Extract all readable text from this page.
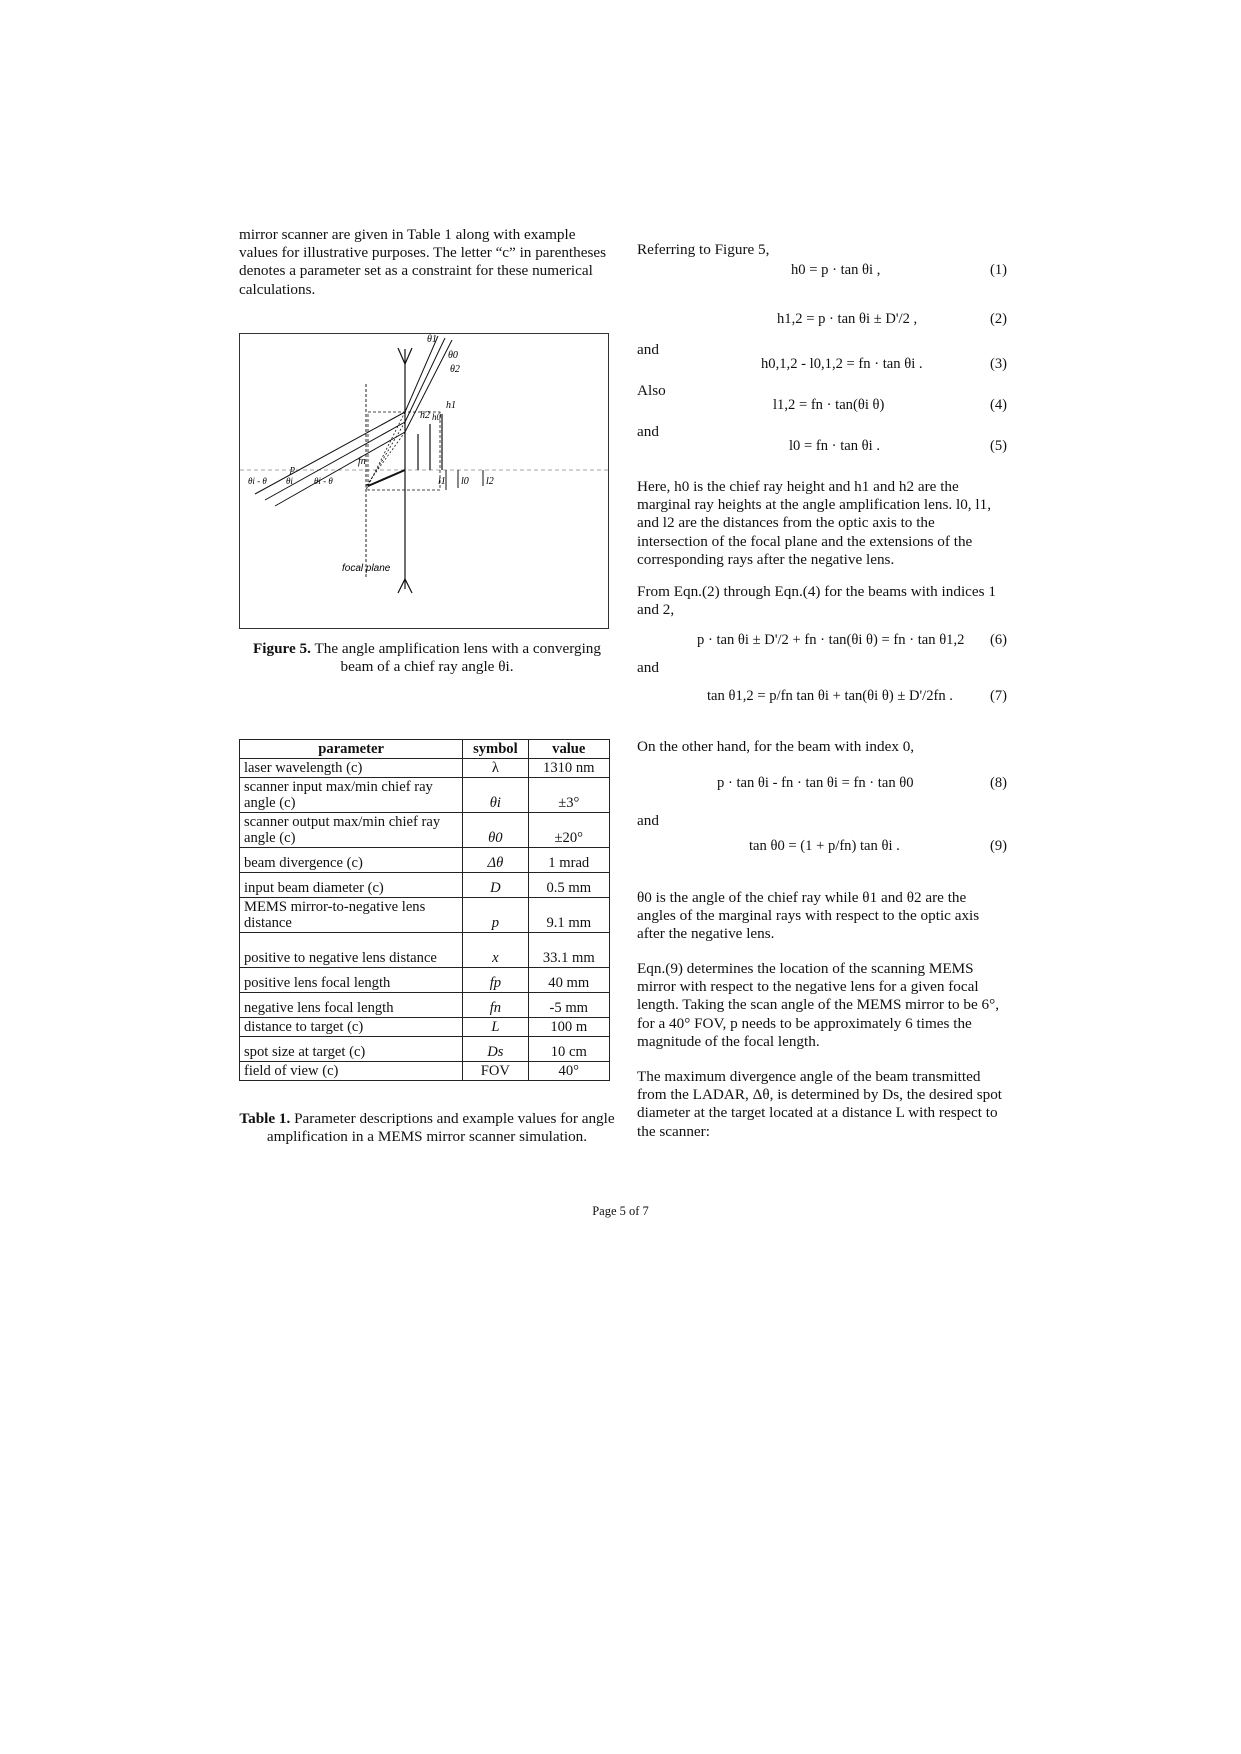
mirror scanner are given in Table 1 along with example values for illustrative purposes. The letter “c” in parentheses denotes a parameter set as a constraint for these numerical calculations.

θ1
θ0
θ2
h1
h0
h2
l1 l0 l2
fn
p
θi - θ θi θi - θ
focal plane
Figure 5. The angle amplification lens with a converging beam of a chief ray angle θi.
parameter	symbol	value
laser wavelength (c)	λ	1310 nm
scanner input max/min chief ray angle (c)	θi	±3°
scanner output max/min chief ray angle (c)	θ0	±20°
beam divergence (c)	Δθ	1 mrad
input beam diameter (c)	D	0.5 mm
MEMS mirror-to-negative lens distance	p	9.1 mm
positive to negative lens distance	x	33.1 mm
positive lens focal length	fp	40 mm
negative lens focal length	fn	-5 mm
distance to target (c)	L	100 m
spot size at target (c)	Ds	10 cm
field of view (c)	FOV	40°
Table 1. Parameter descriptions and example values for angle amplification in a MEMS mirror scanner simulation.

Referring to Figure 5,

h0 = p · tan θi ,	(1)
h1,2 = p · tan θi ± D'/2 ,	(2)

and

h0,1,2 - l0,1,2 = fn · tan θi .	(3)

Also

l1,2 = fn · tan(θi θ)	(4)

and

l0 = fn · tan θi .	(5)

Here, h0 is the chief ray height and h1 and h2 are the marginal ray heights at the angle amplification lens. l0, l1, and l2 are the distances from the optic axis to the intersection of the focal plane and the extensions of the corresponding rays after the negative lens.

From Eqn.(2) through Eqn.(4) for the beams with indices 1 and 2,

p · tan θi ± D'/2 + fn · tan(θi θ) = fn · tan θ1,2 (6)

and

tan θ1,2 = p/fn tan θi + tan(θi θ) ± D'/2fn .	(7)

On the other hand, for the beam with index 0,

p · tan θi - fn · tan θi = fn · tan θ0	(8)

and

tan θ0 = (1 + p/fn) tan θi .	(9)

θ0 is the angle of the chief ray while θ1 and θ2 are the angles of the marginal rays with respect to the optic axis after the negative lens.

Eqn.(9) determines the location of the scanning MEMS mirror with respect to the negative lens for a given focal length. Taking the scan angle of the MEMS mirror to be 6°, for a 40° FOV, p needs to be approximately 6 times the magnitude of the focal length.

The maximum divergence angle of the beam transmitted from the LADAR, Δθ, is determined by Ds, the desired spot diameter at the target located at a distance L with respect to the scanner:

Page 5 of 7
